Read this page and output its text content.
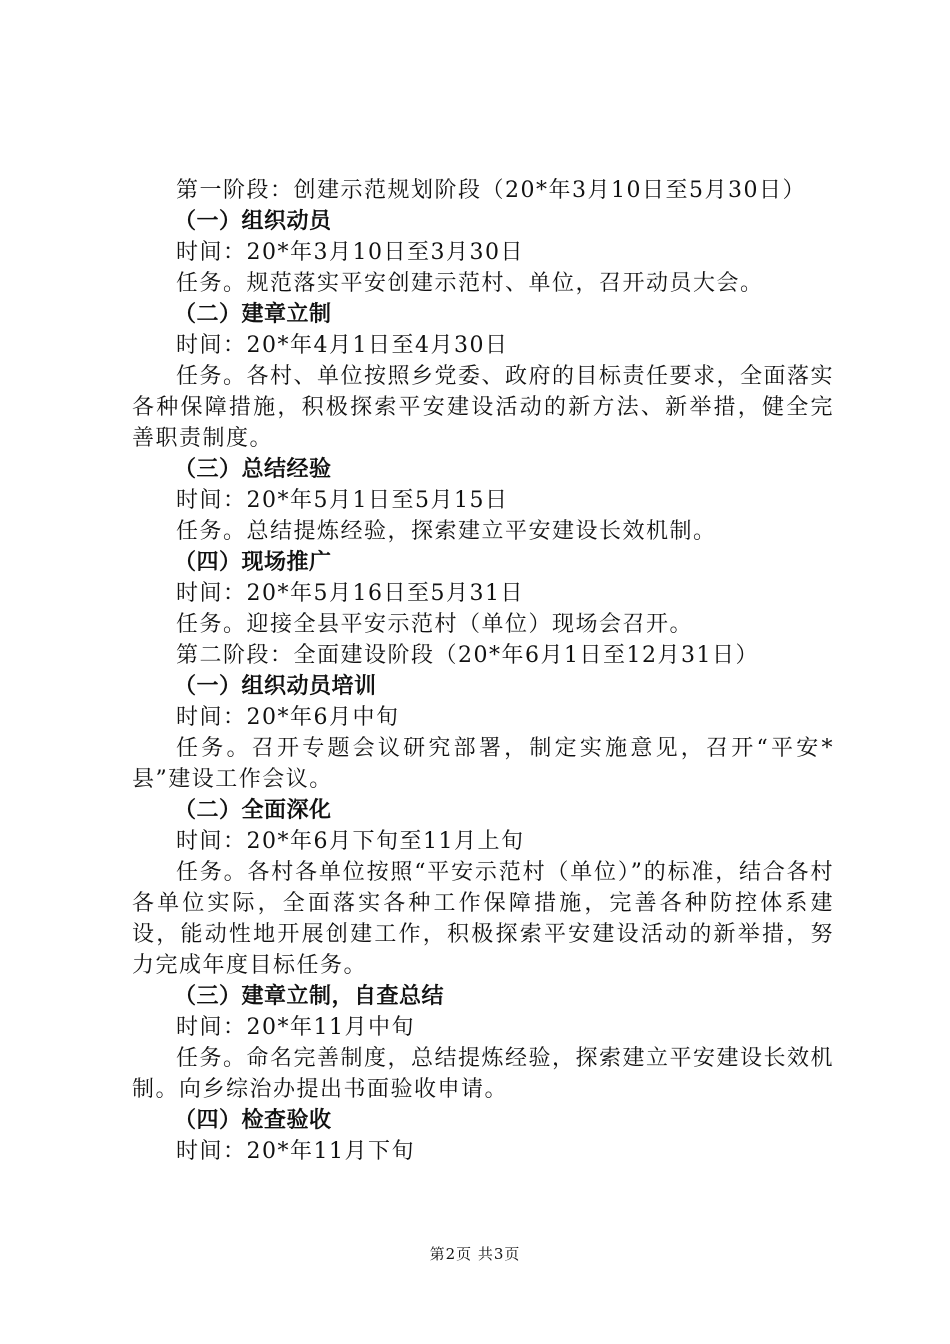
第一阶段：创建示范规划阶段（20*年3月10日至5月30日）

（一）组织动员

时间：20*年3月10日至3月30日

任务。规范落实平安创建示范村、单位，召开动员大会。

（二）建章立制

时间：20*年4月1日至4月30日

任务。各村、单位按照乡党委、政府的目标责任要求，全面落实各种保障措施，积极探索平安建设活动的新方法、新举措，健全完善职责制度。

（三）总结经验

时间：20*年5月1日至5月15日

任务。总结提炼经验，探索建立平安建设长效机制。

（四）现场推广

时间：20*年5月16日至5月31日

任务。迎接全县平安示范村（单位）现场会召开。

第二阶段：全面建设阶段（20*年6月1日至12月31日）

（一）组织动员培训

时间：20*年6月中旬

任务。召开专题会议研究部署，制定实施意见，召开“平安*县”建设工作会议。

（二）全面深化

时间：20*年6月下旬至11月上旬

任务。各村各单位按照“平安示范村（单位）”的标准，结合各村各单位实际，全面落实各种工作保障措施，完善各种防控体系建设，能动性地开展创建工作，积极探索平安建设活动的新举措，努力完成年度目标任务。

（三）建章立制，自查总结

时间：20*年11月中旬

任务。命名完善制度，总结提炼经验，探索建立平安建设长效机制。向乡综治办提出书面验收申请。

（四）检查验收

时间：20*年11月下旬

第2页 共3页
